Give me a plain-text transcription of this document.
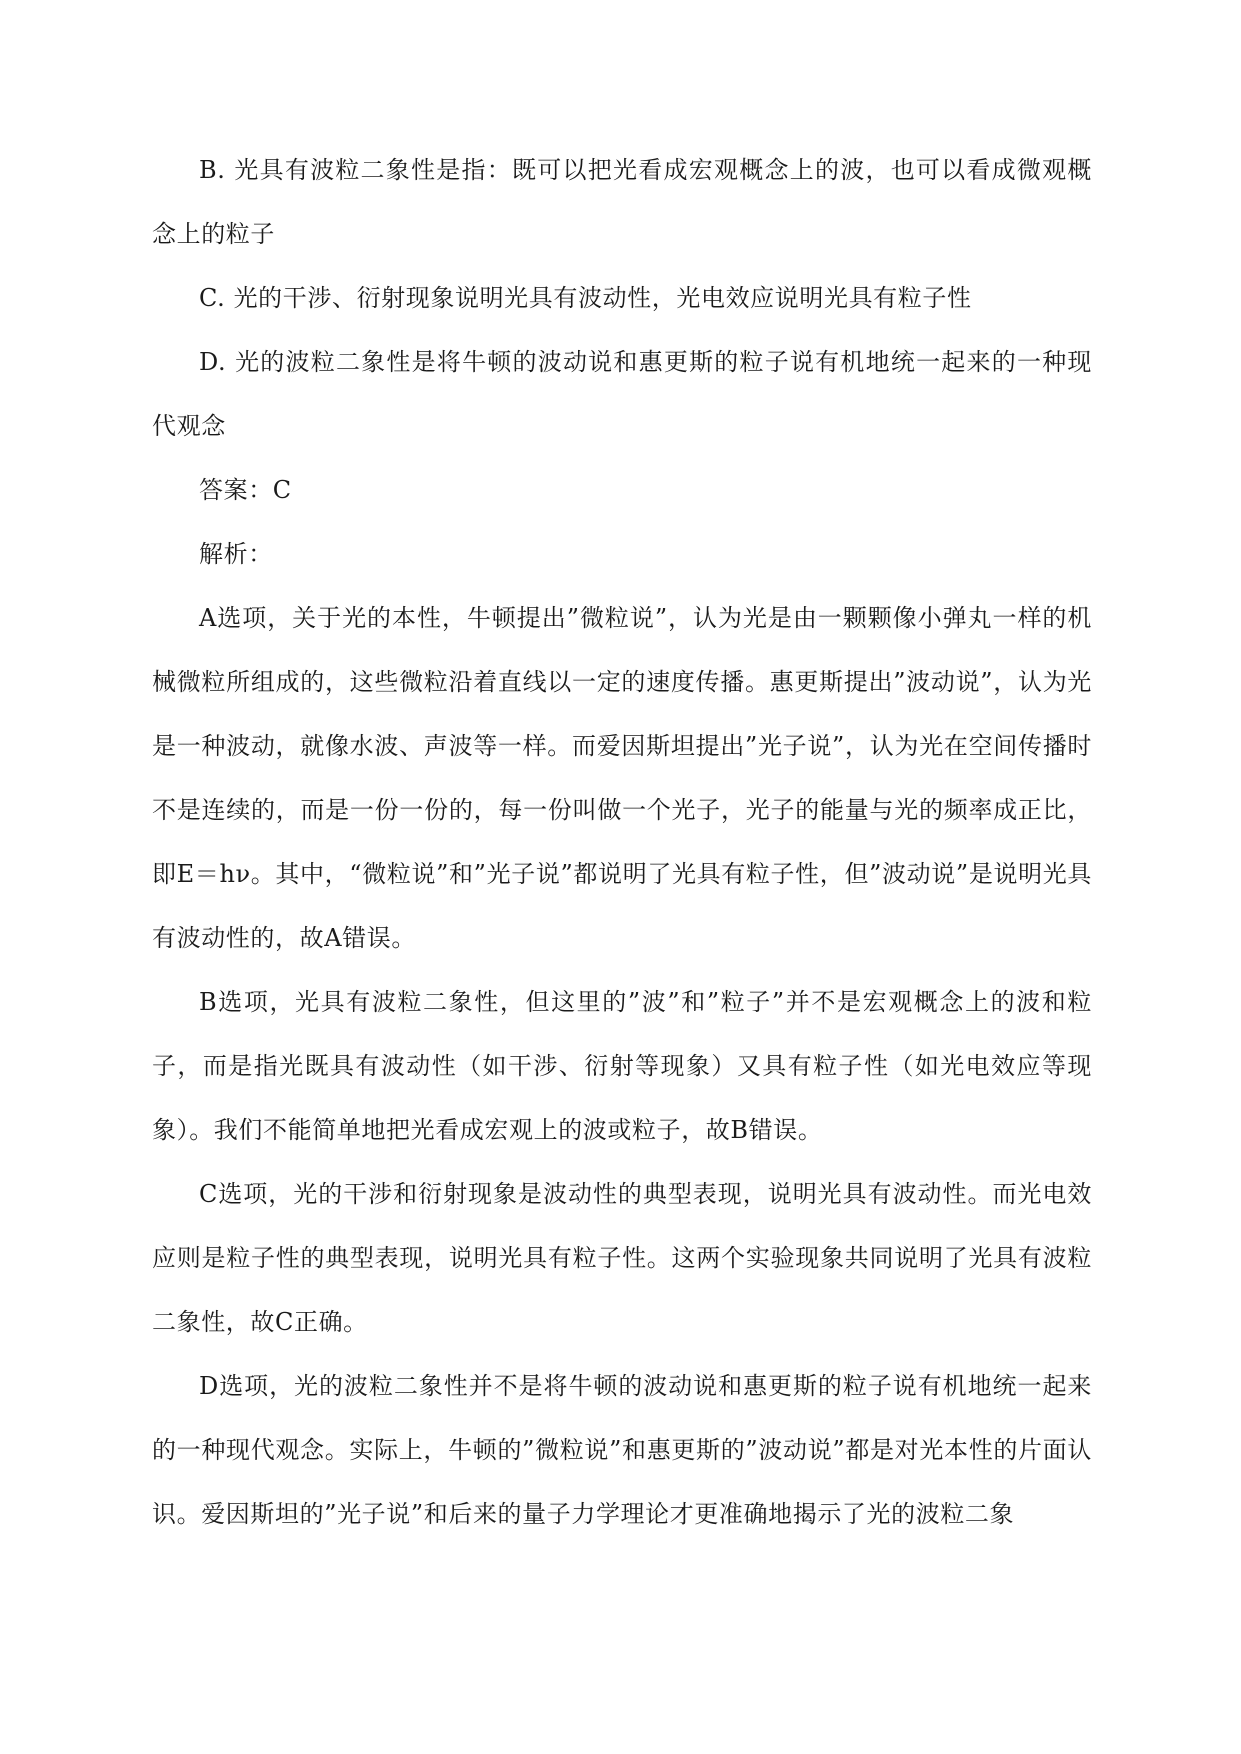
B. 光具有波粒二象性是指：既可以把光看成宏观概念上的波，也可以看成微观概念上的粒子

C. 光的干涉、衍射现象说明光具有波动性，光电效应说明光具有粒子性

D. 光的波粒二象性是将牛顿的波动说和惠更斯的粒子说有机地统一起来的一种现代观念

答案：C

解析：

A选项，关于光的本性，牛顿提出”微粒说”，认为光是由一颗颗像小弹丸一样的机械微粒所组成的，这些微粒沿着直线以一定的速度传播。惠更斯提出”波动说”，认为光是一种波动，就像水波、声波等一样。而爱因斯坦提出”光子说”，认为光在空间传播时不是连续的，而是一份一份的，每一份叫做一个光子，光子的能量与光的频率成正比，即E＝hν。其中，“微粒说”和”光子说”都说明了光具有粒子性，但”波动说”是说明光具有波动性的，故A错误。

B选项，光具有波粒二象性，但这里的”波”和”粒子”并不是宏观概念上的波和粒子，而是指光既具有波动性（如干涉、衍射等现象）又具有粒子性（如光电效应等现象）。我们不能简单地把光看成宏观上的波或粒子，故B错误。

C选项，光的干涉和衍射现象是波动性的典型表现，说明光具有波动性。而光电效应则是粒子性的典型表现，说明光具有粒子性。这两个实验现象共同说明了光具有波粒二象性，故C正确。

D选项，光的波粒二象性并不是将牛顿的波动说和惠更斯的粒子说有机地统一起来的一种现代观念。实际上，牛顿的”微粒说”和惠更斯的”波动说”都是对光本性的片面认识。爱因斯坦的”光子说”和后来的量子力学理论才更准确地揭示了光的波粒二象
